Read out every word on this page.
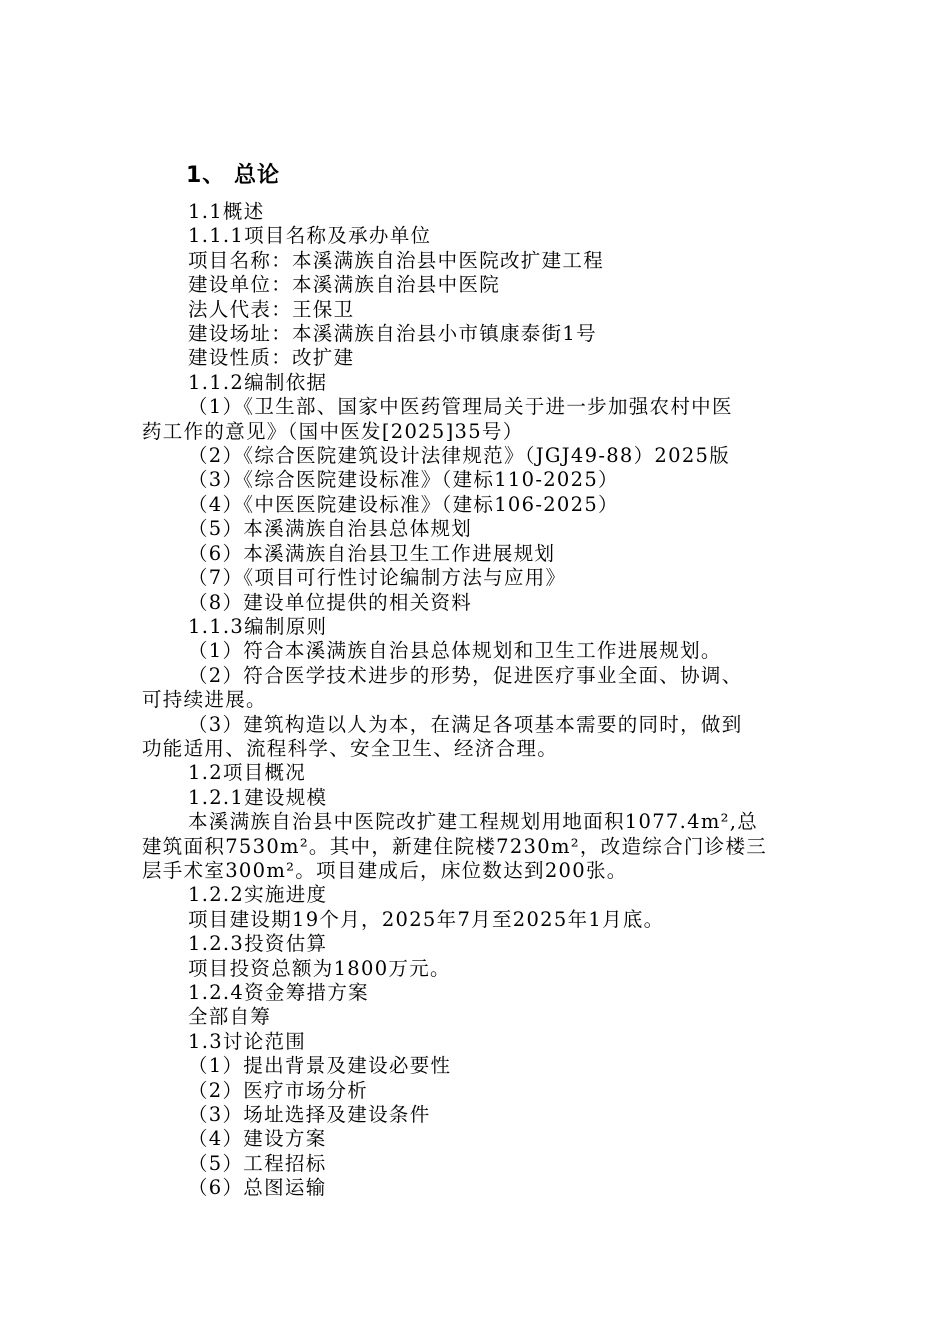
1、 总论
1.1概述
1.1.1项目名称及承办单位
项目名称：本溪满族自治县中医院改扩建工程
建设单位：本溪满族自治县中医院
法人代表：王保卫
建设场址：本溪满族自治县小市镇康泰街1号
建设性质：改扩建
1.1.2编制依据
（1）《卫生部、国家中医药管理局关于进一步加强农村中医
药工作的意见》（国中医发[2025]35号）
（2）《综合医院建筑设计法律规范》（JGJ49-88）2025版
（3）《综合医院建设标准》（建标110-2025）
（4）《中医医院建设标准》（建标106-2025）
（5）本溪满族自治县总体规划
（6）本溪满族自治县卫生工作进展规划
（7）《项目可行性讨论编制方法与应用》
（8）建设单位提供的相关资料
1.1.3编制原则
（1）符合本溪满族自治县总体规划和卫生工作进展规划。
（2）符合医学技术进步的形势，促进医疗事业全面、协调、
可持续进展。
（3）建筑构造以人为本，在满足各项基本需要的同时，做到
功能适用、流程科学、安全卫生、经济合理。
1.2项目概况
1.2.1建设规模
本溪满族自治县中医院改扩建工程规划用地面积1077.4m²,总
建筑面积7530m²。其中，新建住院楼7230m²，改造综合门诊楼三
层手术室300m²。项目建成后，床位数达到200张。
1.2.2实施进度
项目建设期19个月，2025年7月至2025年1月底。
1.2.3投资估算
项目投资总额为1800万元。
1.2.4资金筹措方案
全部自筹
1.3讨论范围
（1）提出背景及建设必要性
（2）医疗市场分析
（3）场址选择及建设条件
（4）建设方案
（5）工程招标
（6）总图运输
